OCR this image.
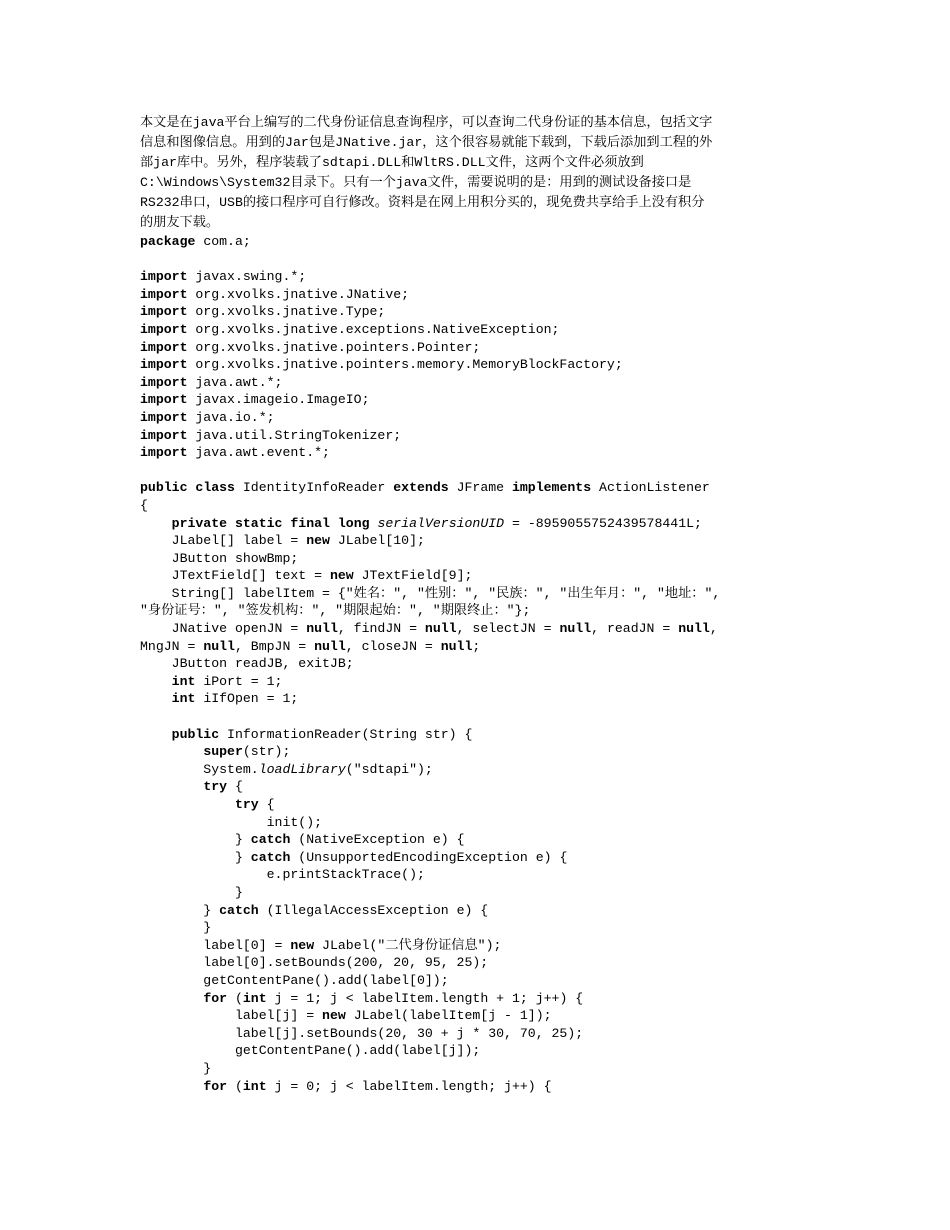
本文是在java平台上编写的二代身份证信息查询程序，可以查询二代身份证的基本信息，包括文字
信息和图像信息。用到的Jar包是JNative.jar，这个很容易就能下载到，下载后添加到工程的外
部jar库中。另外，程序装载了sdtapi.DLL和WltRS.DLL文件，这两个文件必须放到
C:\Windows\System32目录下。只有一个java文件，需要说明的是：用到的测试设备接口是
RS232串口，USB的接口程序可自行修改。资料是在网上用积分买的，现免费共享给手上没有积分
的朋友下载。
package com.a;

import javax.swing.*;
import org.xvolks.jnative.JNative;
import org.xvolks.jnative.Type;
import org.xvolks.jnative.exceptions.NativeException;
import org.xvolks.jnative.pointers.Pointer;
import org.xvolks.jnative.pointers.memory.MemoryBlockFactory;
import java.awt.*;
import javax.imageio.ImageIO;
import java.io.*;
import java.util.StringTokenizer;
import java.awt.event.*;

public class IdentityInfoReader extends JFrame implements ActionListener
{
private static final long serialVersionUID = -8959055752439578441L;
JLabel[] label = new JLabel[10];
JButton showBmp;
JTextField[] text = new JTextField[9];
String[] labelItem = {"姓名：", "性别：", "民族：", "出生年月：", "地址：",
"身份证号：", "签发机构：", "期限起始：", "期限终止："};
JNative openJN = null, findJN = null, selectJN = null, readJN = null,
MngJN = null, BmpJN = null, closeJN = null;
JButton readJB, exitJB;
int iPort = 1;
int iIfOpen = 1;

public InformationReader(String str) {
super(str);
System.loadLibrary("sdtapi");
try {
try {
init();
} catch (NativeException e) {
} catch (UnsupportedEncodingException e) {
e.printStackTrace();
}
} catch (IllegalAccessException e) {
}
label[0] = new JLabel("二代身份证信息");
label[0].setBounds(200, 20, 95, 25);
getContentPane().add(label[0]);
for (int j = 1; j < labelItem.length + 1; j++) {
label[j] = new JLabel(labelItem[j - 1]);
label[j].setBounds(20, 30 + j * 30, 70, 25);
getContentPane().add(label[j]);
}
for (int j = 0; j < labelItem.length; j++) {
